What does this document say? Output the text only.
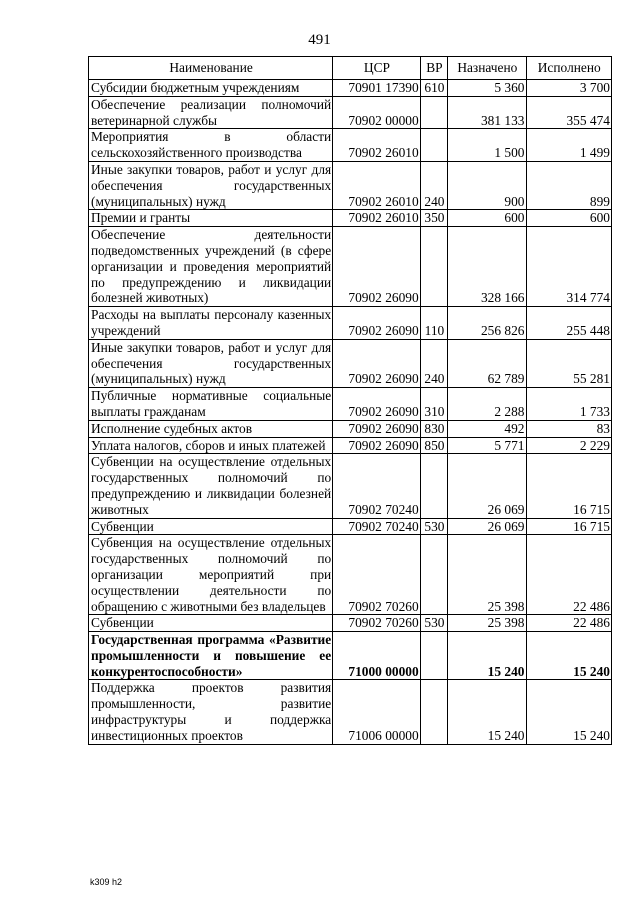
491
Наименование	ЦСР	ВР	Назначено	Исполнено
Субсидии бюджетным учреждениям	70901 17390	610	5 360	3 700
Обеспечение реализации полномочий ветеринарной службы	70902 00000		381 133	355 474
Мероприятия в области сельскохозяйственного производства	70902 26010		1 500	1 499
Иные закупки товаров, работ и услуг для обеспечения государственных (муниципальных) нужд	70902 26010	240	900	899
Премии и гранты	70902 26010	350	600	600
Обеспечение деятельности подведомственных учреждений (в сфере организации и проведения мероприятий по предупреждению и ликвидации болезней животных)	70902 26090		328 166	314 774
Расходы на выплаты персоналу казенных учреждений	70902 26090	110	256 826	255 448
Иные закупки товаров, работ и услуг для обеспечения государственных (муниципальных) нужд	70902 26090	240	62 789	55 281
Публичные нормативные социальные выплаты гражданам	70902 26090	310	2 288	1 733
Исполнение судебных актов	70902 26090	830	492	83
Уплата налогов, сборов и иных платежей	70902 26090	850	5 771	2 229
Субвенции на осуществление отдельных государственных полномочий по предупреждению и ликвидации болезней животных	70902 70240		26 069	16 715
Субвенции	70902 70240	530	26 069	16 715
Субвенция на осуществление отдельных государственных полномочий по организации мероприятий при осуществлении деятельности по обращению с животными без владельцев	70902 70260		25 398	22 486
Субвенции	70902 70260	530	25 398	22 486
Государственная программа «Развитие промышленности и повышение ее конкурентоспособности»	71000 00000		15 240	15 240
Поддержка проектов развития промышленности, развитие инфраструктуры и поддержка инвестиционных проектов	71006 00000		15 240	15 240
k309 h2
